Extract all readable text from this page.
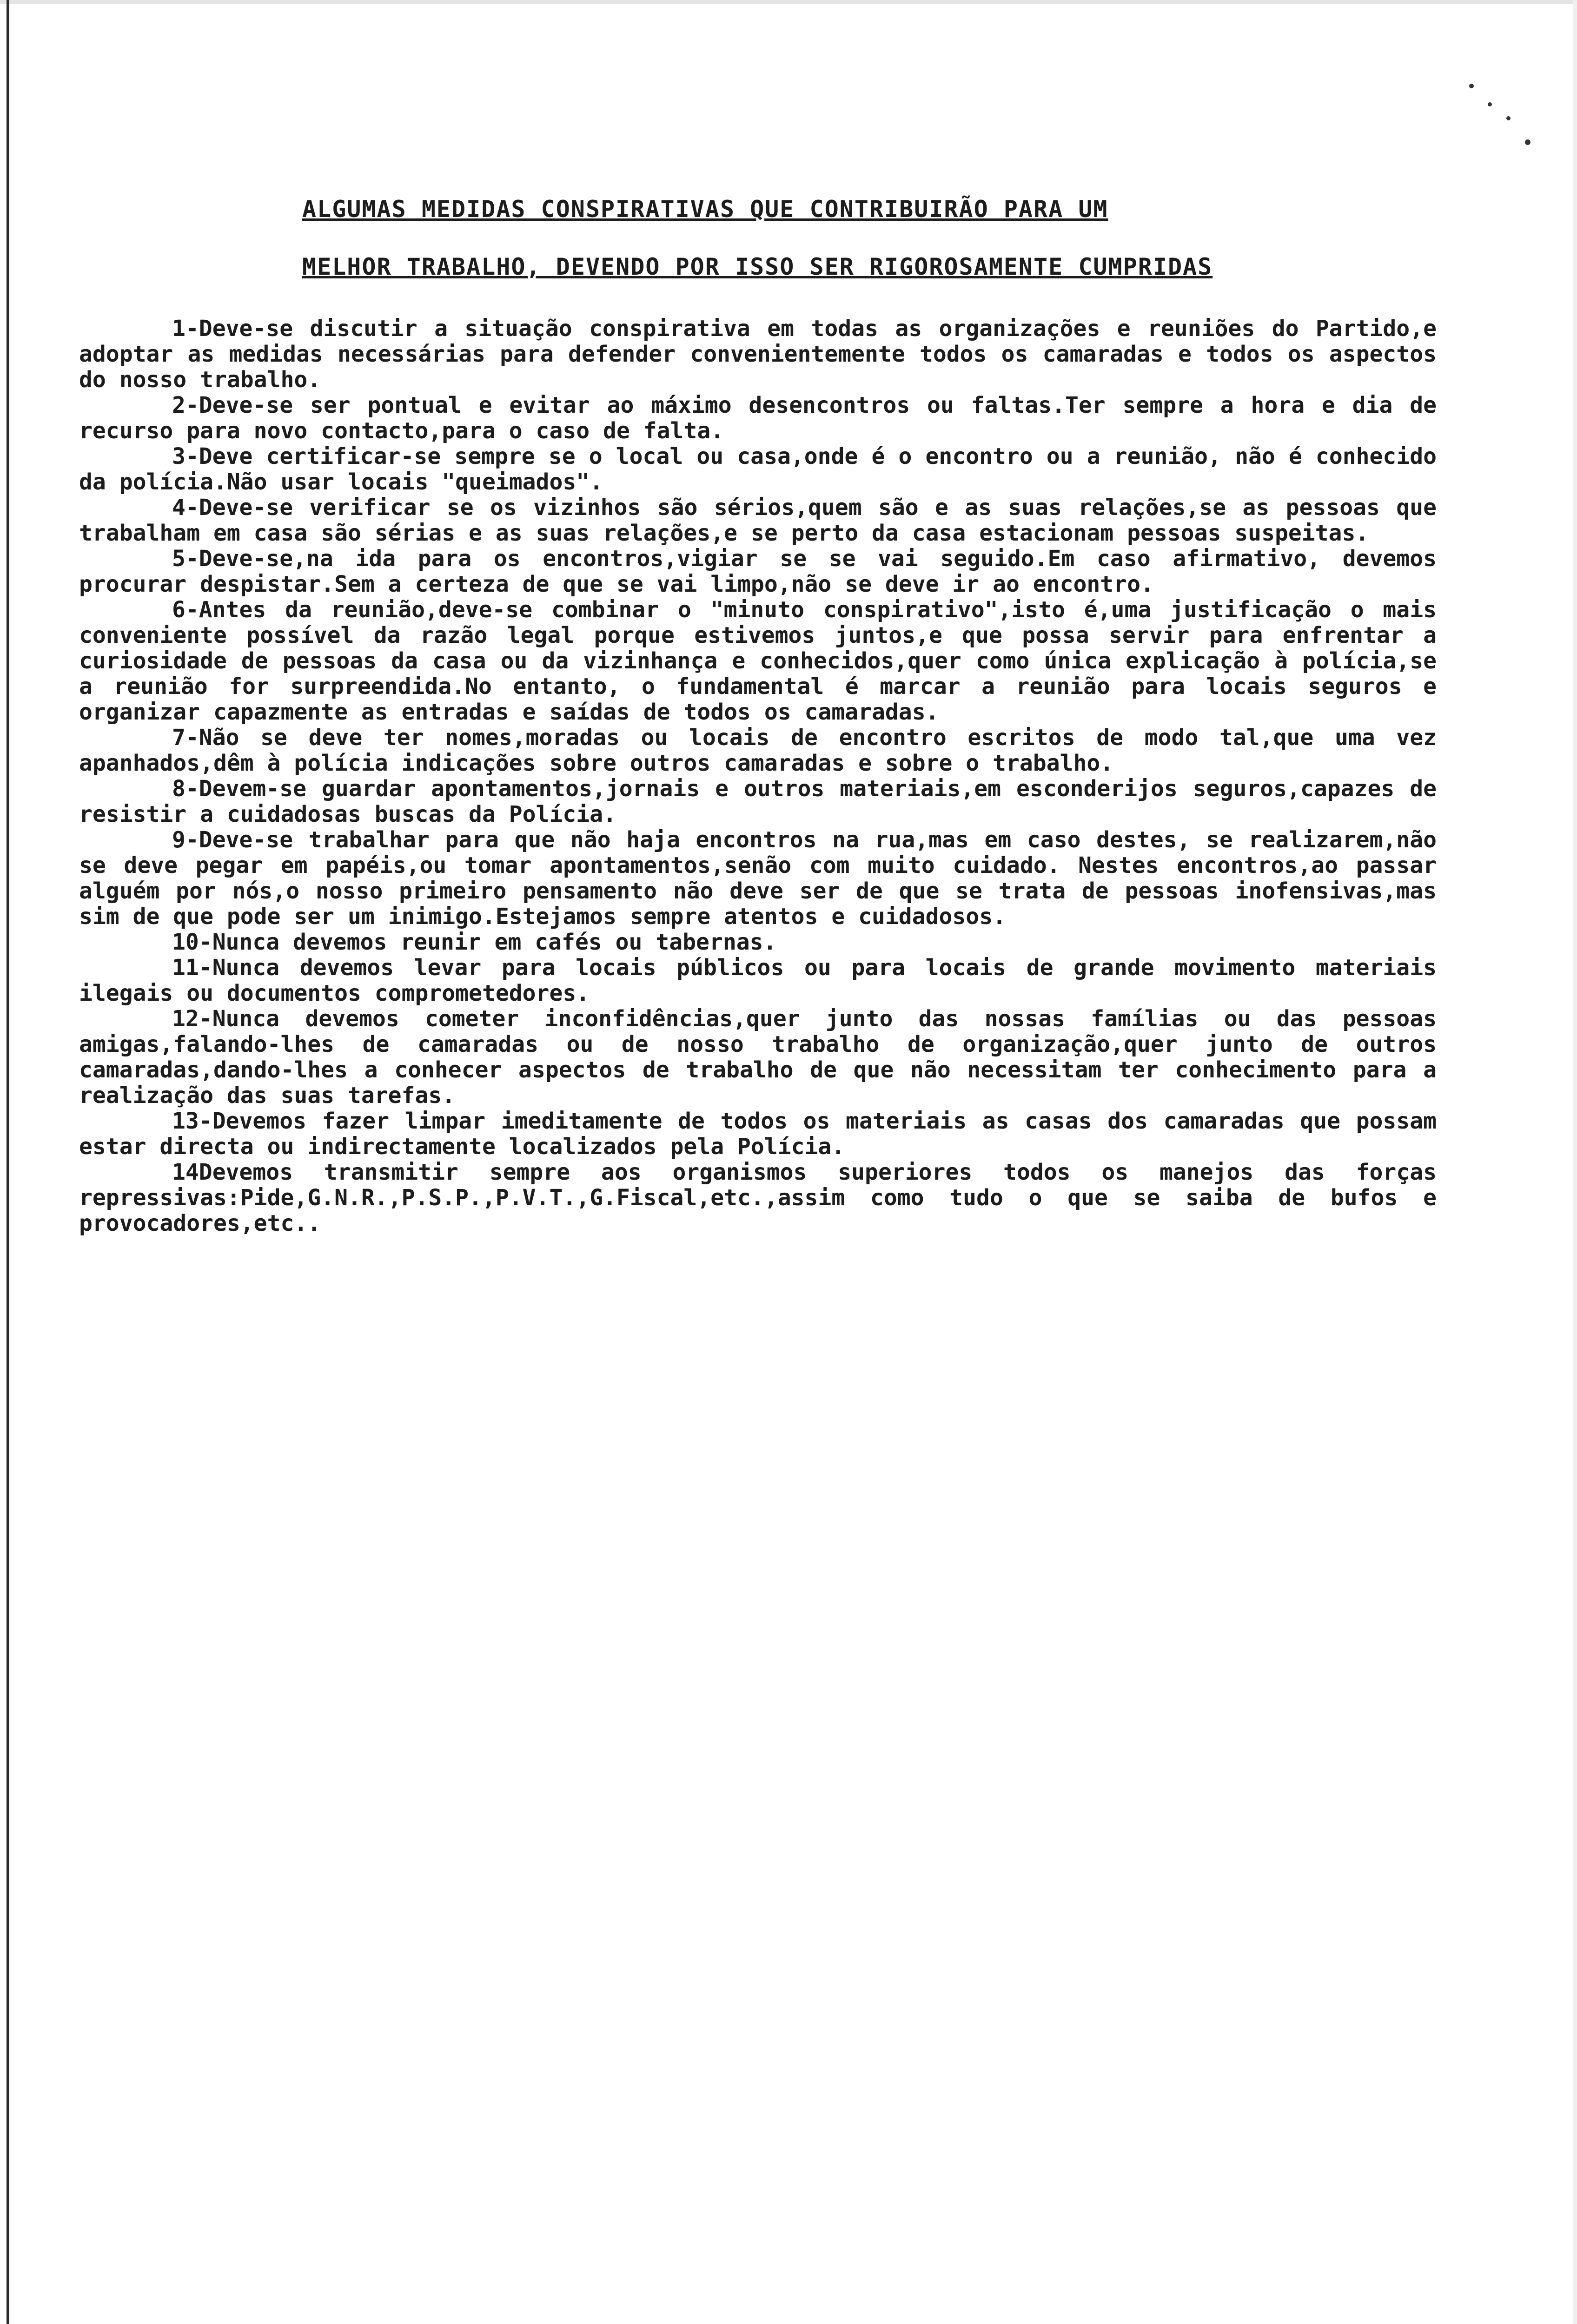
ALGUMAS MEDIDAS CONSPIRATIVAS QUE CONTRIBUIRÃO PARA UM
MELHOR TRABALHO, DEVENDO POR ISSO SER RIGOROSAMENTE CUMPRIDAS

1-Deve-se discutir a situação conspirativa em todas as organizações e reuniões do Partido,e adoptar as medidas necessárias para defender convenientemente todos os camaradas e todos os aspectos do nosso trabalho.

2-Deve-se ser pontual e evitar ao máximo desencontros ou faltas.Ter sempre a hora e dia de recurso para novo contacto,para o caso de falta.

3-Deve certificar-se sempre se o local ou casa,onde é o encontro ou a reunião, não é conhecido da polícia.Não usar locais "queimados".

4-Deve-se verificar se os vizinhos são sérios,quem são e as suas relações,se as pessoas que trabalham em casa são sérias e as suas relações,e se perto da casa estacionam pessoas suspeitas.

5-Deve-se,na ida para os encontros,vigiar se se vai seguido.Em caso afirmativo, devemos procurar despistar.Sem a certeza de que se vai limpo,não se deve ir ao encontro.

6-Antes da reunião,deve-se combinar o "minuto conspirativo",isto é,uma justificação o mais conveniente possível da razão legal porque estivemos juntos,e que possa servir para enfrentar a curiosidade de pessoas da casa ou da vizinhança e conhecidos,quer como única explicação à polícia,se a reunião for surpreendida.No entanto, o fundamental é marcar a reunião para locais seguros e organizar capazmente as entradas e saídas de todos os camaradas.

7-Não se deve ter nomes,moradas ou locais de encontro escritos de modo tal,que uma vez apanhados,dêm à polícia indicações sobre outros camaradas e sobre o trabalho.

8-Devem-se guardar apontamentos,jornais e outros materiais,em esconderijos seguros,capazes de resistir a cuidadosas buscas da Polícia.

9-Deve-se trabalhar para que não haja encontros na rua,mas em caso destes, se realizarem,não se deve pegar em papéis,ou tomar apontamentos,senão com muito cuidado. Nestes encontros,ao passar alguém por nós,o nosso primeiro pensamento não deve ser de que se trata de pessoas inofensivas,mas sim de que pode ser um inimigo.Estejamos sempre atentos e cuidadosos.

10-Nunca devemos reunir em cafés ou tabernas.

11-Nunca devemos levar para locais públicos ou para locais de grande movimento materiais ilegais ou documentos comprometedores.

12-Nunca devemos cometer inconfidências,quer junto das nossas famílias ou das pessoas amigas,falando-lhes de camaradas ou de nosso trabalho de organização,quer junto de outros camaradas,dando-lhes a conhecer aspectos de trabalho de que não necessitam ter conhecimento para a realização das suas tarefas.

13-Devemos fazer limpar imeditamente de todos os materiais as casas dos camaradas que possam estar directa ou indirectamente localizados pela Polícia.

14Devemos transmitir sempre aos organismos superiores todos os manejos das forças repressivas:Pide,G.N.R.,P.S.P.,P.V.T.,G.Fiscal,etc.,assim como tudo o que se saiba de bufos e provocadores,etc..
